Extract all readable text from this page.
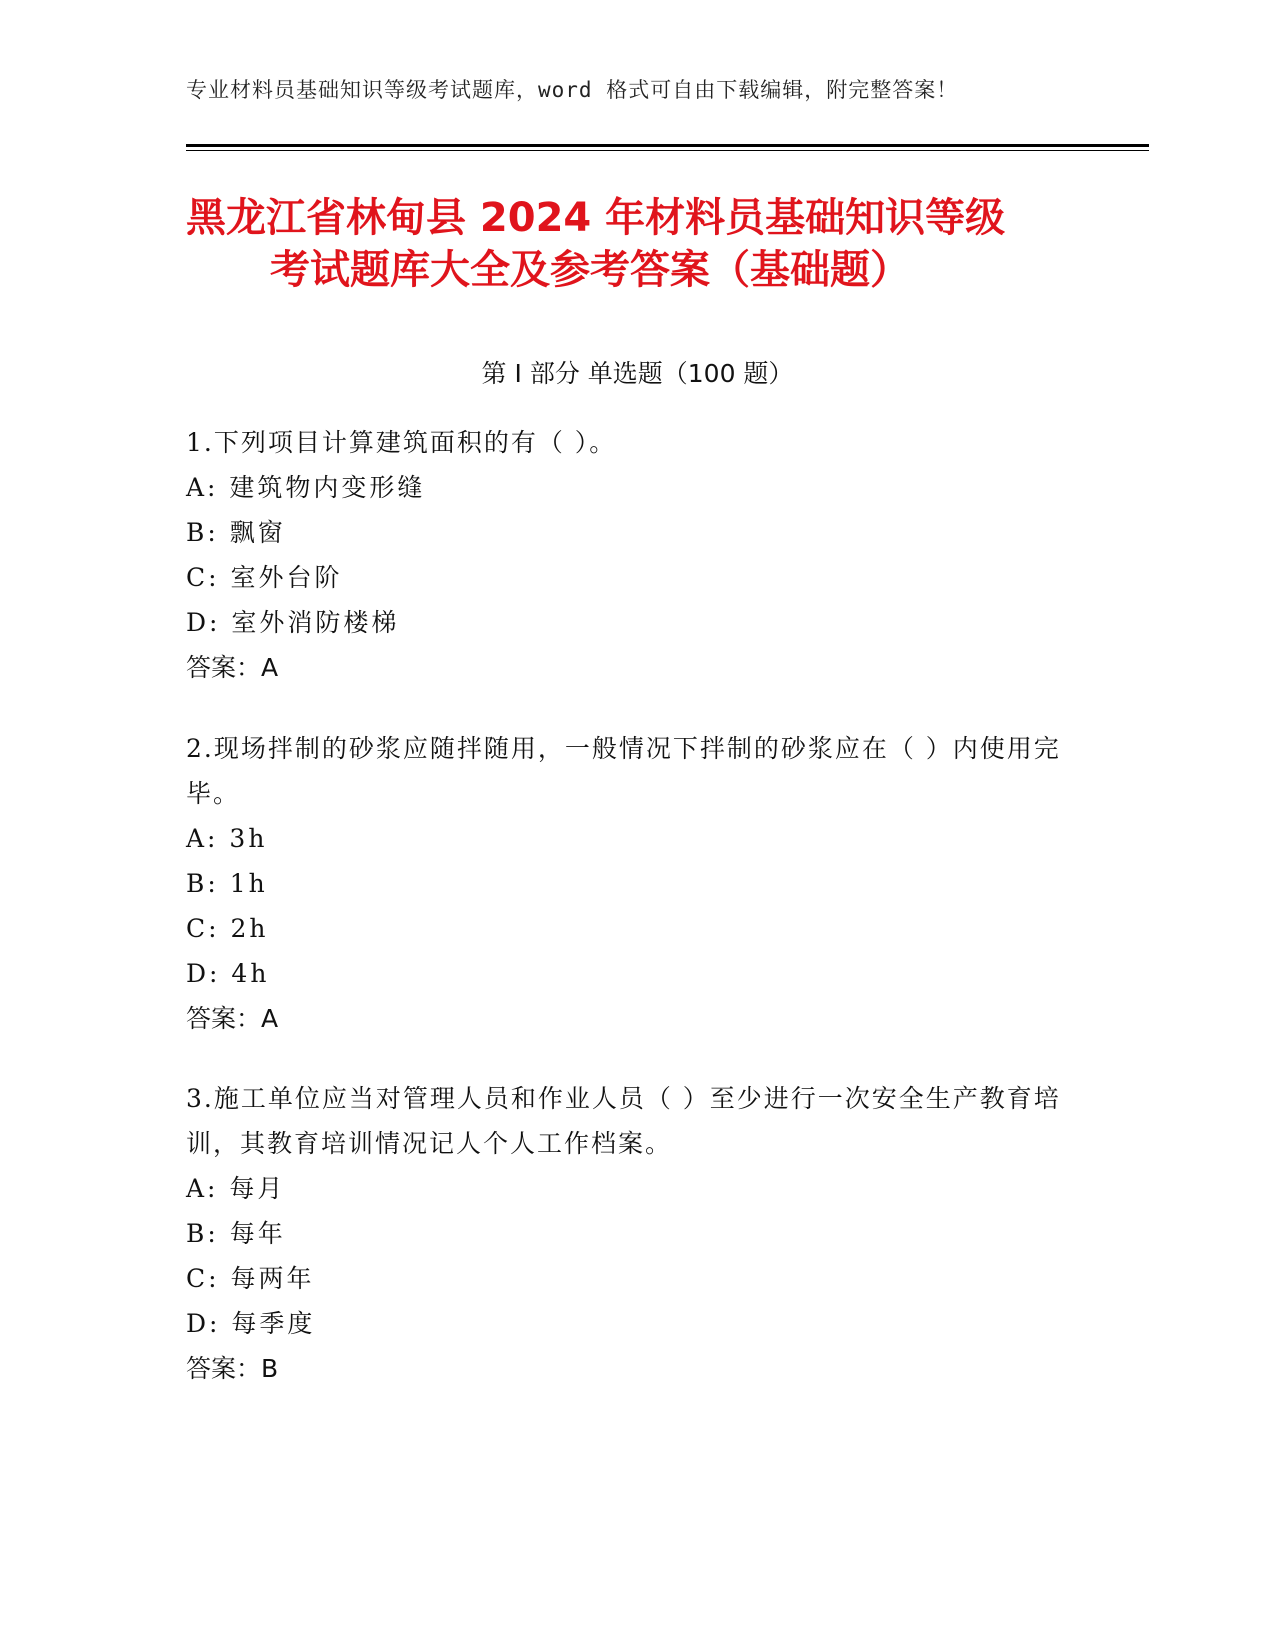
专业材料员基础知识等级考试题库，word 格式可自由下载编辑，附完整答案！
黑龙江省林甸县 2024 年材料员基础知识等级
考试题库大全及参考答案（基础题）
第 I 部分 单选题（100 题）
1.下列项目计算建筑面积的有（ ）。
A: 建筑物内变形缝
B: 飘窗
C: 室外台阶
D: 室外消防楼梯
答案：A
2.现场拌制的砂浆应随拌随用，一般情况下拌制的砂浆应在（ ）内使用完毕。
A: 3h
B: 1h
C: 2h
D: 4h
答案：A
3.施工单位应当对管理人员和作业人员（ ）至少进行一次安全生产教育培训，其教育培训情况记人个人工作档案。
A: 每月
B: 每年
C: 每两年
D: 每季度
答案：B
